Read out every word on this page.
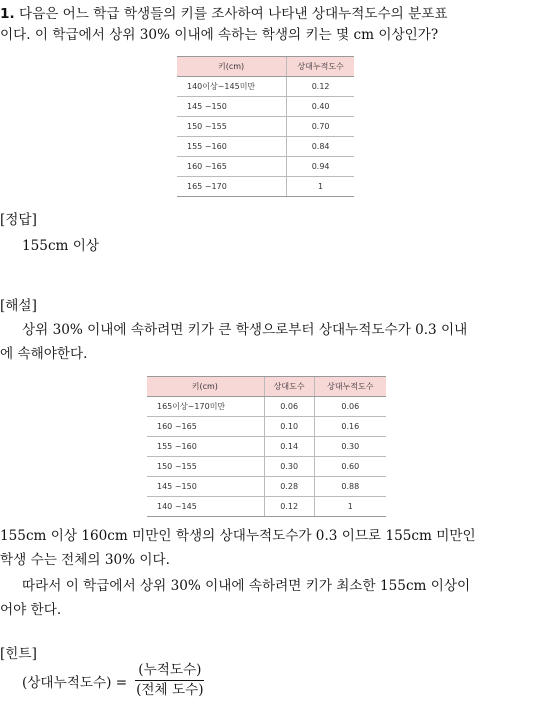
1. 다음은 어느 학급 학생들의 키를 조사하여 나타낸 상대누적도수의 분포표

이다. 이 학급에서 상위 30% 이내에 속하는 학생의 키는 몇 cm 이상인가?

키(cm)	상대누적도수
140이상~145미만	0.12
145 ~150	0.40
150 ~155	0.70
155 ~160	0.84
160 ~165	0.94
165 ~170	1
[정답]
155cm 이상
[해설]

상위 30% 이내에 속하려면 키가 큰 학생으로부터 상대누적도수가 0.3 이내

에 속해야한다.

키(cm)	상대도수	상대누적도수
165이상~170미만	0.06	0.06
160 ~165	0.10	0.16
155 ~160	0.14	0.30
150 ~155	0.30	0.60
145 ~150	0.28	0.88
140 ~145	0.12	1

155cm 이상 160cm 미만인 학생의 상대누적도수가 0.3 이므로 155cm 미만인

학생 수는 전체의 30% 이다.

따라서 이 학급에서 상위 30% 이내에 속하려면 키가 최소한 155cm 이상이

어야 한다.

[힌트]
(상대누적도수) = $\frac{\text{(누적도수)}}{\text{(전체 도수)}}$
